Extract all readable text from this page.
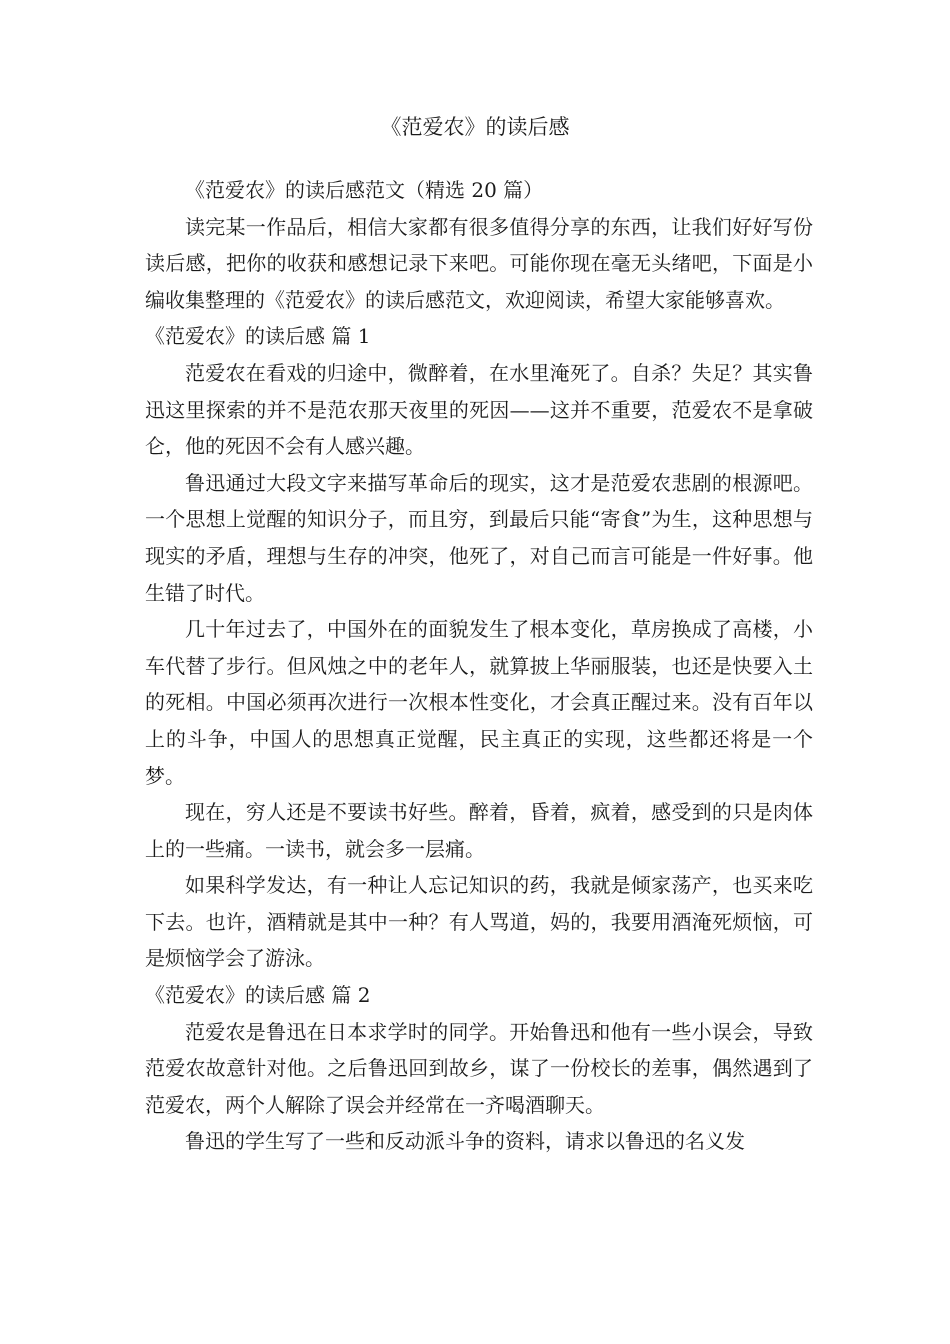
《范爱农》的读后感

《范爱农》的读后感范文（精选 20 篇）

读完某一作品后，相信大家都有很多值得分享的东西，让我们好好写份读后感，把你的收获和感想记录下来吧。可能你现在毫无头绪吧，下面是小编收集整理的《范爱农》的读后感范文，欢迎阅读，希望大家能够喜欢。

《范爱农》的读后感 篇 1

范爱农在看戏的归途中，微醉着，在水里淹死了。自杀？失足？其实鲁迅这里探索的并不是范农那天夜里的死因——这并不重要，范爱农不是拿破仑，他的死因不会有人感兴趣。

鲁迅通过大段文字来描写革命后的现实，这才是范爱农悲剧的根源吧。一个思想上觉醒的知识分子，而且穷，到最后只能“寄食”为生，这种思想与现实的矛盾，理想与生存的冲突，他死了，对自己而言可能是一件好事。他生错了时代。

几十年过去了，中国外在的面貌发生了根本变化，草房换成了高楼，小车代替了步行。但风烛之中的老年人，就算披上华丽服装，也还是快要入土的死相。中国必须再次进行一次根本性变化，才会真正醒过来。没有百年以上的斗争，中国人的思想真正觉醒，民主真正的实现，这些都还将是一个梦。

现在，穷人还是不要读书好些。醉着，昏着，疯着，感受到的只是肉体上的一些痛。一读书，就会多一层痛。

如果科学发达，有一种让人忘记知识的药，我就是倾家荡产，也买来吃下去。也许，酒精就是其中一种？有人骂道，妈的，我要用酒淹死烦恼，可是烦恼学会了游泳。

《范爱农》的读后感 篇 2

范爱农是鲁迅在日本求学时的同学。开始鲁迅和他有一些小误会，导致范爱农故意针对他。之后鲁迅回到故乡，谋了一份校长的差事，偶然遇到了范爱农，两个人解除了误会并经常在一齐喝酒聊天。

鲁迅的学生写了一些和反动派斗争的资料，请求以鲁迅的名义发
